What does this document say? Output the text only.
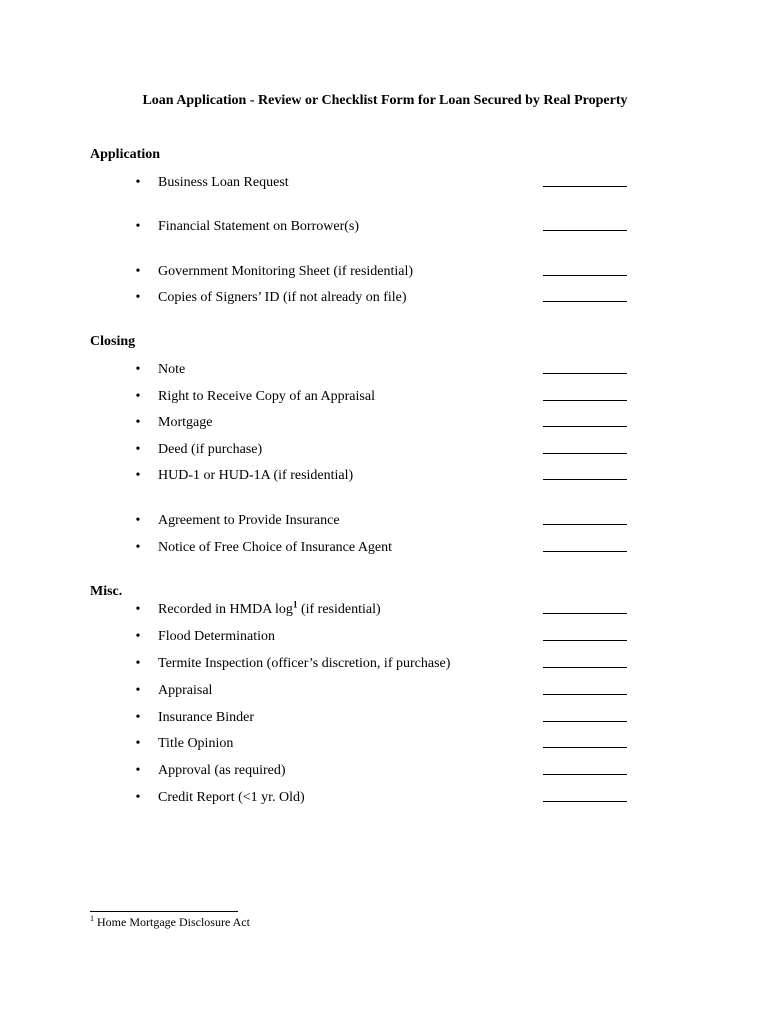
Loan Application - Review or Checklist Form for Loan Secured by Real Property
Application
•	Business Loan Request
•	Financial Statement on Borrower(s)
•	Government Monitoring Sheet (if residential)
•	Copies of Signers’ ID (if not already on file)
Closing
•	Note
•	Right to Receive Copy of an Appraisal
•	Mortgage
•	Deed (if purchase)
•	HUD-1 or HUD-1A (if residential)
•	Agreement to Provide Insurance
•	Notice of Free Choice of Insurance Agent
Misc.
•	Recorded in HMDA $\log^1 (if$ residential)
•	Flood Determination
•	Termite Inspection (officer’s discretion, if purchase)
•	Appraisal
•	Insurance Binder
•	Title Opinion
•	Approval (as required)
•	Credit Report (<1 yr. Old)
$^1$ Home Mortgage Disclosure Act
